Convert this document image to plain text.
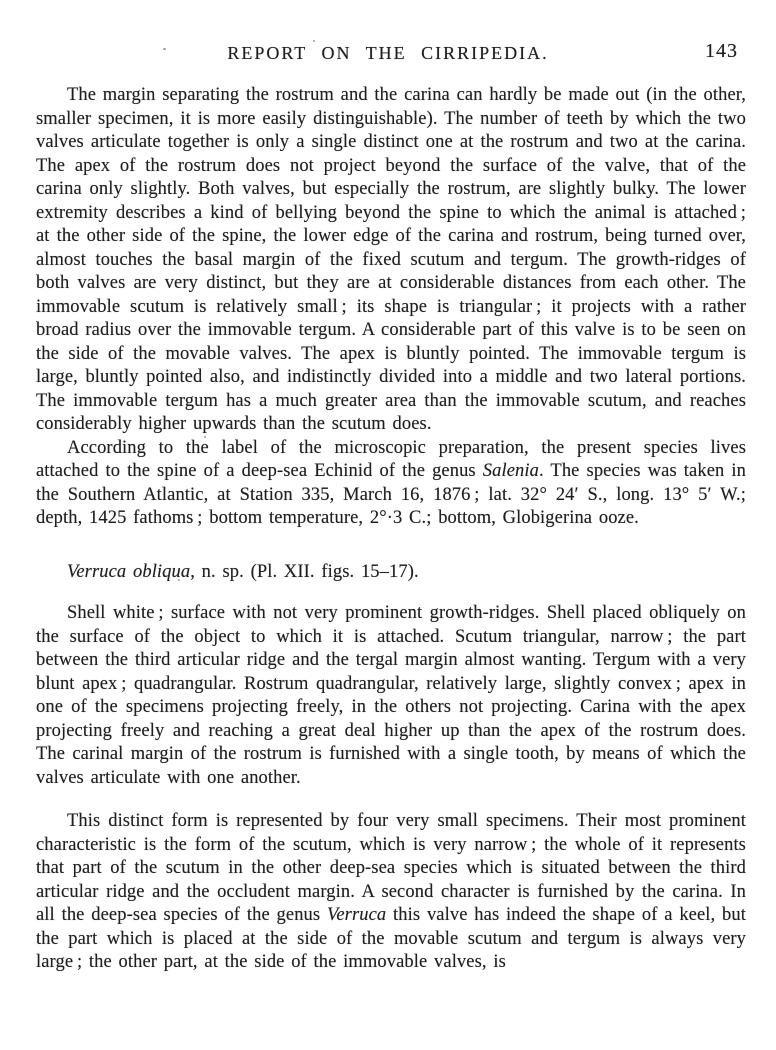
REPORT ON THE CIRRIPEDIA.	143

The margin separating the rostrum and the carina can hardly be made out (in the other, smaller specimen, it is more easily distinguishable). The number of teeth by which the two valves articulate together is only a single distinct one at the rostrum and two at the carina. The apex of the rostrum does not project beyond the surface of the valve, that of the carina only slightly. Both valves, but especially the rostrum, are slightly bulky. The lower extremity describes a kind of bellying beyond the spine to which the animal is attached ; at the other side of the spine, the lower edge of the carina and rostrum, being turned over, almost touches the basal margin of the fixed scutum and tergum. The growth-ridges of both valves are very distinct, but they are at considerable distances from each other. The immovable scutum is relatively small ; its shape is triangular ; it projects with a rather broad radius over the immovable tergum. A considerable part of this valve is to be seen on the side of the movable valves. The apex is bluntly pointed. The immovable tergum is large, bluntly pointed also, and indistinctly divided into a middle and two lateral portions. The immovable tergum has a much greater area than the immovable scutum, and reaches considerably higher upwards than the scutum does.

According to the label of the microscopic preparation, the present species lives attached to the spine of a deep-sea Echinid of the genus Salenia. The species was taken in the Southern Atlantic, at Station 335, March 16, 1876 ; lat. 32° 24′ S., long. 13° 5′ W.; depth, 1425 fathoms ; bottom temperature, 2°·3 C.; bottom, Globigerina ooze.

Verruca obliqua, n. sp. (Pl. XII. figs. 15–17).

Shell white ; surface with not very prominent growth-ridges. Shell placed obliquely on the surface of the object to which it is attached. Scutum triangular, narrow ; the part between the third articular ridge and the tergal margin almost wanting. Tergum with a very blunt apex ; quadrangular. Rostrum quadrangular, relatively large, slightly convex ; apex in one of the specimens projecting freely, in the others not projecting. Carina with the apex projecting freely and reaching a great deal higher up than the apex of the rostrum does. The carinal margin of the rostrum is furnished with a single tooth, by means of which the valves articulate with one another.

This distinct form is represented by four very small specimens. Their most prominent characteristic is the form of the scutum, which is very narrow ; the whole of it represents that part of the scutum in the other deep-sea species which is situated between the third articular ridge and the occludent margin. A second character is furnished by the carina. In all the deep-sea species of the genus Verruca this valve has indeed the shape of a keel, but the part which is placed at the side of the movable scutum and tergum is always very large ; the other part, at the side of the immovable valves, is
